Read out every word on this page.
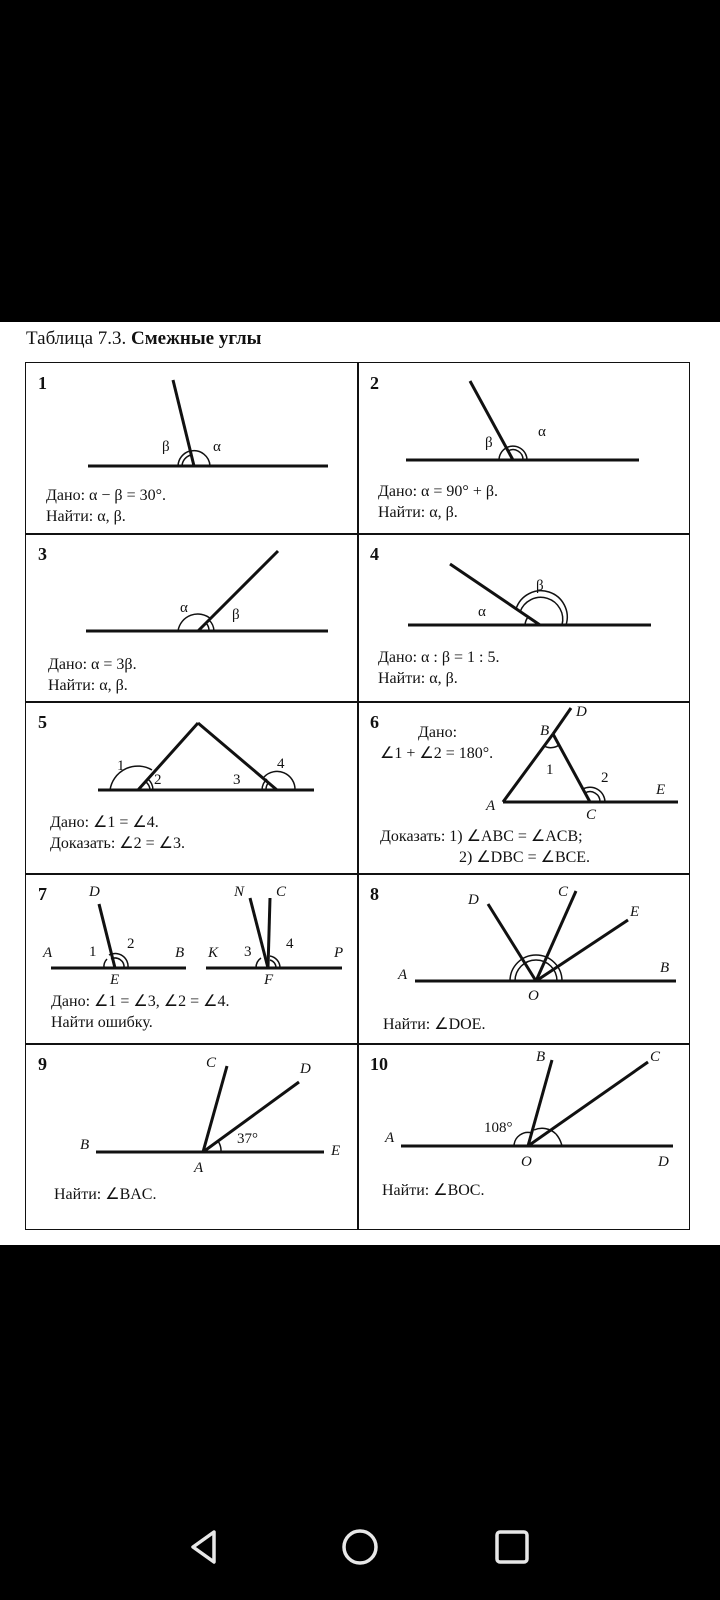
Таблица 7.3. Смежные углы
1
β	α
Дано: α − β = 30°.
Найти: α, β.
2
β
α
Дано: α = 90° + β.
Найти: α, β.
3
α	β
Дано: α = 3β.
Найти: α, β.
4
α
β
Дано: α : β = 1 : 5.
Найти: α, β.
5
1
2	3
4
Дано: ∠1 = ∠4.
Доказать: ∠2 = ∠3.
6
Дано:
∠1 + ∠2 = 180°.
B
D
1	2
A
C
E
Доказать: 1) ∠ABC = ∠ACB;
2) ∠DBC = ∠BCE.
7	D
A 1 2
B
E
N C
K 3 4
P
F
Дано: ∠1 = ∠3, ∠2 = ∠4.
Найти ошибку.
8	D	C
E
A	B
O
Найти: ∠DOE.
9	C	D
B	37°
A
E
Найти: ∠BAC.
10	B	C
A
108°
O	D
Найти: ∠BOC.
